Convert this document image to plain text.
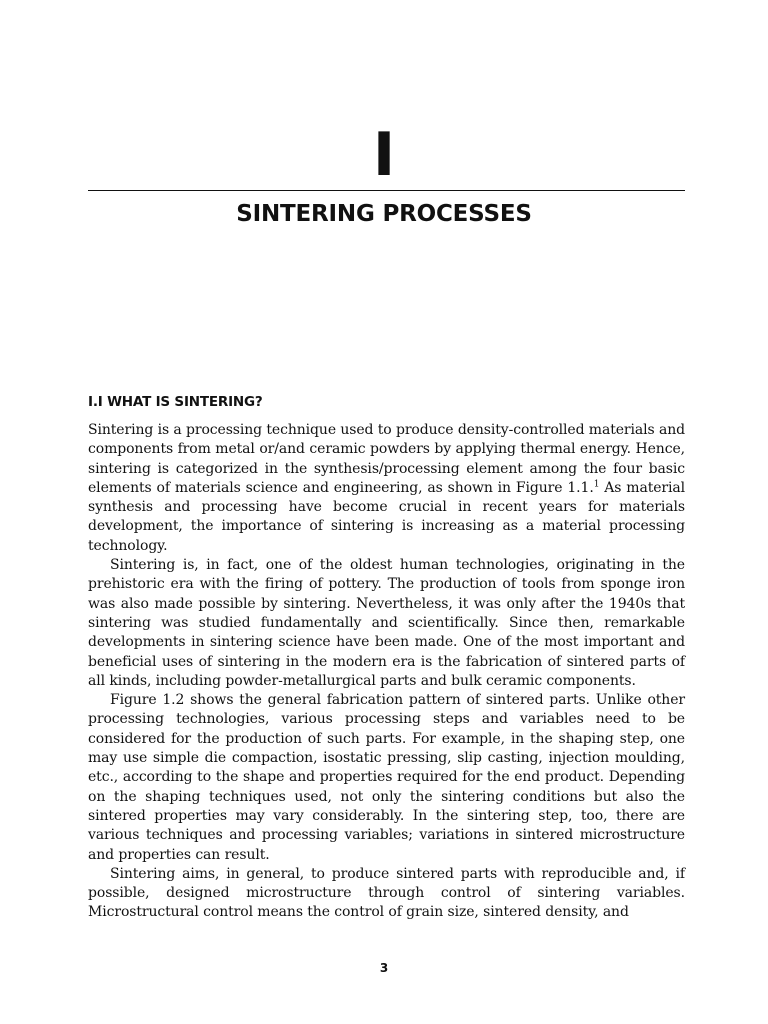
I
SINTERING PROCESSES
I.I WHAT IS SINTERING?

Sintering is a processing technique used to produce density-controlled materials and components from metal or/and ceramic powders by applying thermal energy. Hence, sintering is categorized in the synthesis/processing element among the four basic elements of materials science and engineering, as shown in Figure 1.1.$^1$ As material synthesis and processing have become crucial in recent years for materials development, the importance of sintering is increasing as a material processing technology.

Sintering is, in fact, one of the oldest human technologies, originating in the prehistoric era with the firing of pottery. The production of tools from sponge iron was also made possible by sintering. Nevertheless, it was only after the 1940s that sintering was studied fundamentally and scientifically. Since then, remarkable developments in sintering science have been made. One of the most important and beneficial uses of sintering in the modern era is the fabrication of sintered parts of all kinds, including powder-metallurgical parts and bulk ceramic components.

Figure 1.2 shows the general fabrication pattern of sintered parts. Unlike other processing technologies, various processing steps and variables need to be considered for the production of such parts. For example, in the shaping step, one may use simple die compaction, isostatic pressing, slip casting, injection moulding, etc., according to the shape and properties required for the end product. Depending on the shaping techniques used, not only the sintering conditions but also the sintered properties may vary considerably. In the sintering step, too, there are various techniques and processing variables; variations in sintered microstructure and properties can result.

Sintering aims, in general, to produce sintered parts with reproducible and, if possible, designed microstructure through control of sintering variables. Microstructural control means the control of grain size, sintered density, and

3
